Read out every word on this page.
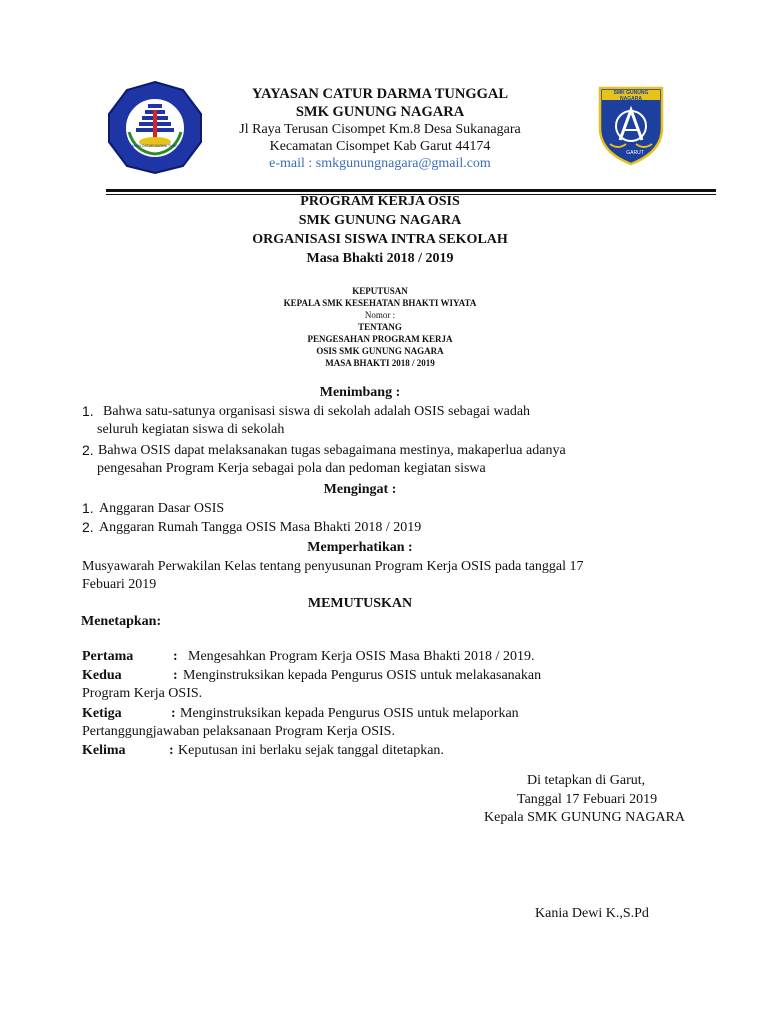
SMK GUNUNG NAGARA
GARUT
YAYASAN CATUR DARMA TUNGGAL
YAYASAN CATUR DARMA TUNGGAL
SMK GUNUNG NAGARA
Jl Raya Terusan Cisompet Km.8 Desa Sukanagara
Kecamatan Cisompet Kab Garut 44174
e-mail : smkgunungnagara@gmail.com
PROGRAM KERJA OSIS
SMK GUNUNG NAGARA
ORGANISASI SISWA INTRA SEKOLAH
Masa Bhakti 2018 / 2019
KEPUTUSAN
KEPALA SMK KESEHATAN BHAKTI WIYATA
Nomor :
TENTANG
PENGESAHAN PROGRAM KERJA
OSIS SMK GUNUNG NAGARA
MASA BHAKTI 2018 / 2019
Menimbang :
1. Bahwa satu-satunya organisasi siswa di sekolah adalah OSIS sebagai wadah
seluruh kegiatan siswa di sekolah
2. Bahwa OSIS dapat melaksanakan tugas sebagaimana mestinya, makaperlua adanya
pengesahan Program Kerja sebagai pola dan pedoman kegiatan siswa
Mengingat :
1. Anggaran Dasar OSIS
2. Anggaran Rumah Tangga OSIS Masa Bhakti 2018 / 2019
Memperhatikan :
Musyawarah Perwakilan Kelas tentang penyusunan Program Kerja OSIS pada tanggal 17
Febuari 2019
MEMUTUSKAN
Menetapkan:
Pertama	: Mengesahkan Program Kerja OSIS Masa Bhakti 2018 / 2019.
Kedua	: Menginstruksikan kepada Pengurus OSIS untuk melakasanakan
Program Kerja OSIS.
Ketiga	: Menginstruksikan kepada Pengurus OSIS untuk melaporkan
Pertanggungjawaban pelaksanaan Program Kerja OSIS.
Kelima	: Keputusan ini berlaku sejak tanggal ditetapkan.
Di tetapkan di Garut,
Tanggal 17 Febuari 2019
Kepala SMK GUNUNG NAGARA
Kania Dewi K.,S.Pd
